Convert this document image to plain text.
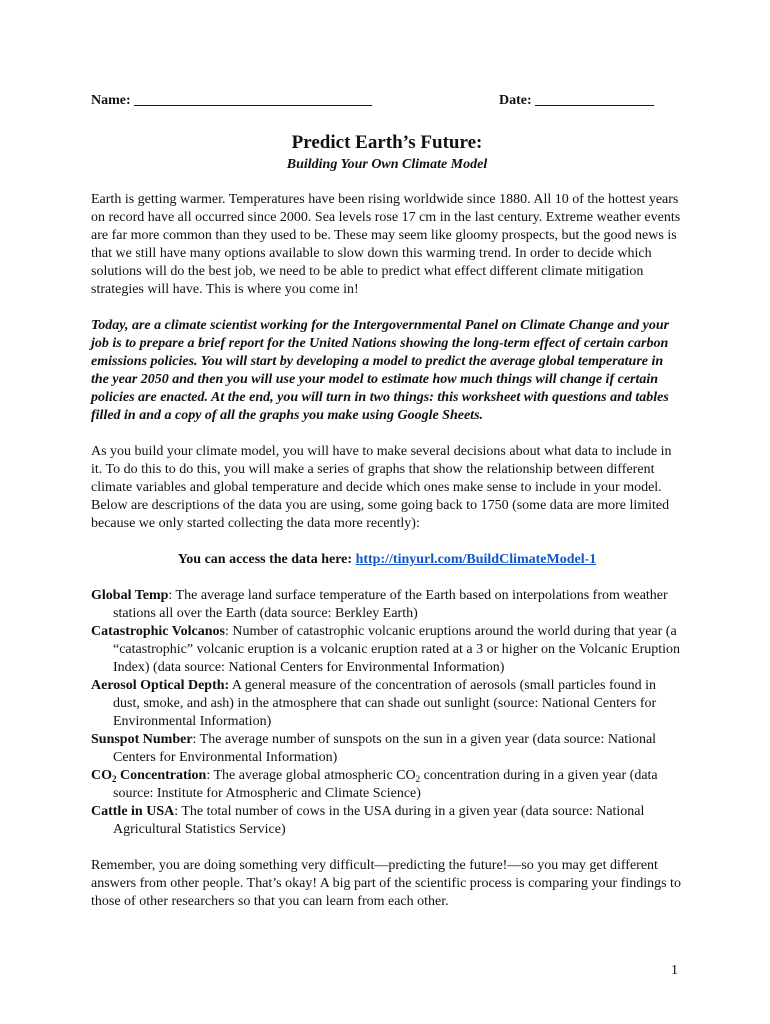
Name: __________________________________	Date: _________________
Predict Earth’s Future:
Building Your Own Climate Model

Earth is getting warmer. Temperatures have been rising worldwide since 1880. All 10 of the hottest years on record have all occurred since 2000. Sea levels rose 17 cm in the last century. Extreme weather events are far more common than they used to be. These may seem like gloomy prospects, but the good news is that we still have many options available to slow down this warming trend. In order to decide which solutions will do the best job, we need to be able to predict what effect different climate mitigation strategies will have. This is where you come in!

Today, are a climate scientist working for the Intergovernmental Panel on Climate Change and your job is to prepare a brief report for the United Nations showing the long-term effect of certain carbon emissions policies. You will start by developing a model to predict the average global temperature in the year 2050 and then you will use your model to estimate how much things will change if certain policies are enacted. At the end, you will turn in two things: this worksheet with questions and tables filled in and a copy of all the graphs you make using Google Sheets.

As you build your climate model, you will have to make several decisions about what data to include in it. To do this to do this, you will make a series of graphs that show the relationship between different climate variables and global temperature and decide which ones make sense to include in your model. Below are descriptions of the data you are using, some going back to 1750 (some data are more limited because we only started collecting the data more recently):

You can access the data here: http://tinyurl.com/BuildClimateModel-1
Global Temp: The average land surface temperature of the Earth based on interpolations from weather stations all over the Earth (data source: Berkley Earth)
Catastrophic Volcanos: Number of catastrophic volcanic eruptions around the world during that year (a “catastrophic” volcanic eruption is a volcanic eruption rated at a 3 or higher on the Volcanic Eruption Index) (data source: National Centers for Environmental Information)
Aerosol Optical Depth: A general measure of the concentration of aerosols (small particles found in dust, smoke, and ash) in the atmosphere that can shade out sunlight (source: National Centers for Environmental Information)
Sunspot Number: The average number of sunspots on the sun in a given year (data source: National Centers for Environmental Information)
$CO_2$ Concentration: The average global atmospheric $CO_2$ concentration during in a given year (data source: Institute for Atmospheric and Climate Science)
Cattle in USA: The total number of cows in the USA during in a given year (data source: National Agricultural Statistics Service)

Remember, you are doing something very difficult—predicting the future!—so you may get different answers from other people. That’s okay! A big part of the scientific process is comparing your findings to those of other researchers so that you can learn from each other.

1
